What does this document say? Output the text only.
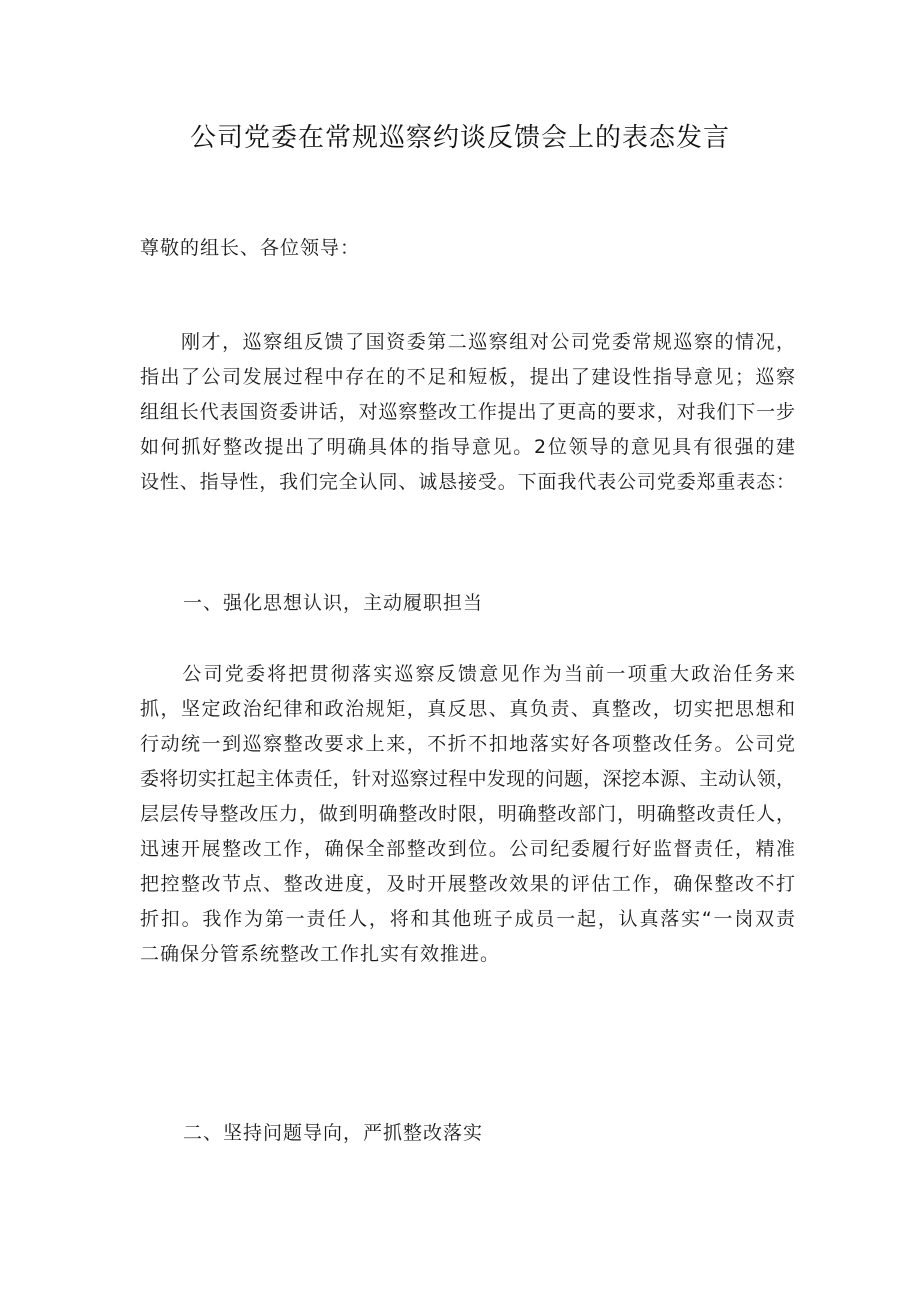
公司党委在常规巡察约谈反馈会上的表态发言
尊敬的组长、各位领导：
　　刚才，巡察组反馈了国资委第二巡察组对公司党委常规巡察的情况，
指出了公司发展过程中存在的不足和短板，提出了建设性指导意见；巡察
组组长代表国资委讲话，对巡察整改工作提出了更高的要求，对我们下一步
如何抓好整改提出了明确具体的指导意见。2位领导的意见具有很强的建
设性、指导性，我们完全认同、诚恳接受。下面我代表公司党委郑重表态：
一、强化思想认识，主动履职担当
　　公司党委将把贯彻落实巡察反馈意见作为当前一项重大政治任务来
抓，坚定政治纪律和政治规矩，真反思、真负责、真整改，切实把思想和
行动统一到巡察整改要求上来，不折不扣地落实好各项整改任务。公司党
委将切实扛起主体责任，针对巡察过程中发现的问题，深挖本源、主动认领，
层层传导整改压力，做到明确整改时限，明确整改部门，明确整改责任人，
迅速开展整改工作，确保全部整改到位。公司纪委履行好监督责任，精准
把控整改节点、整改进度，及时开展整改效果的评估工作，确保整改不打
折扣。我作为第一责任人，将和其他班子成员一起，认真落实“一岗双责
二确保分管系统整改工作扎实有效推进。
二、坚持问题导向，严抓整改落实
